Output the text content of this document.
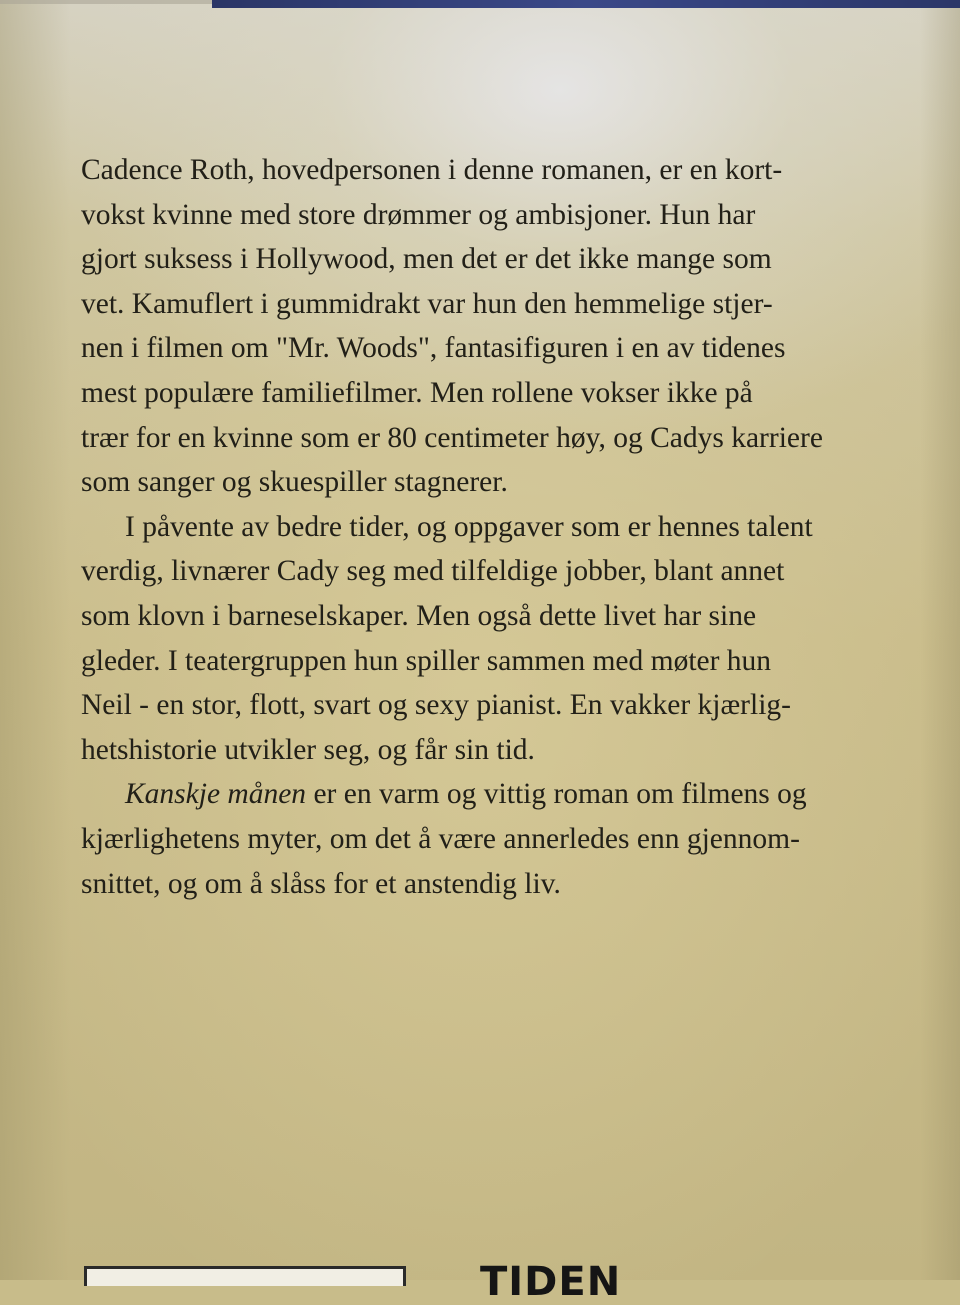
Cadence Roth, hovedpersonen i denne romanen, er en kort-
vokst kvinne med store drømmer og ambisjoner. Hun har
gjort suksess i Hollywood, men det er det ikke mange som
vet. Kamuflert i gummidrakt var hun den hemmelige stjer-
nen i filmen om "Mr. Woods", fantasifiguren i en av tidenes
mest populære familiefilmer. Men rollene vokser ikke på
trær for en kvinne som er 80 centimeter høy, og Cadys karriere
som sanger og skuespiller stagnerer.
I påvente av bedre tider, og oppgaver som er hennes talent
verdig, livnærer Cady seg med tilfeldige jobber, blant annet
som klovn i barneselskaper. Men også dette livet har sine
gleder. I teatergruppen hun spiller sammen med møter hun
Neil - en stor, flott, svart og sexy pianist. En vakker kjærlig-
hetshistorie utvikler seg, og får sin tid.
Kanskje månen er en varm og vittig roman om filmens og
kjærlighetens myter, om det å være annerledes enn gjennom-
snittet, og om å slåss for et anstendig liv.
TIDEN
